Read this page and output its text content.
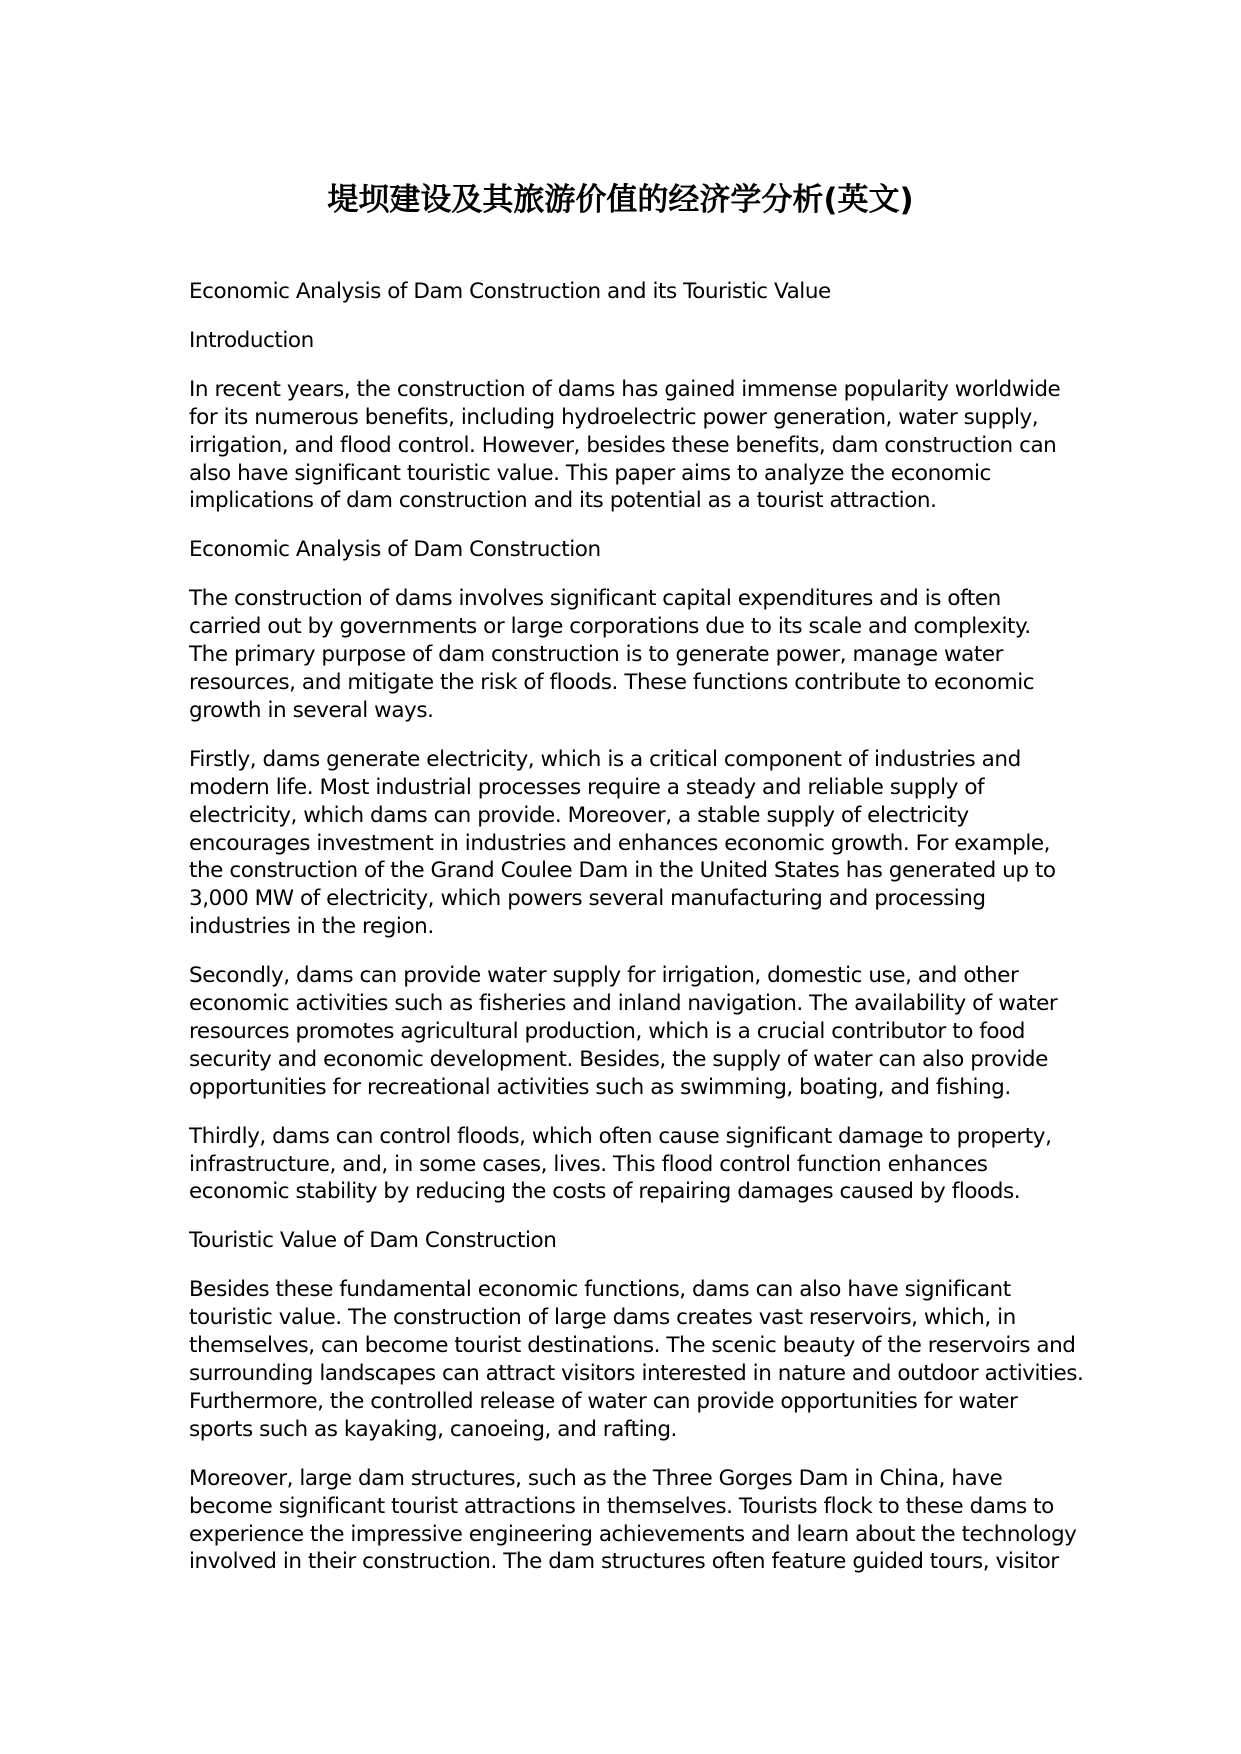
堤坝建设及其旅游价值的经济学分析(英文)

Economic Analysis of Dam Construction and its Touristic Value

Introduction

In recent years, the construction of dams has gained immense popularity worldwide
for its numerous benefits, including hydroelectric power generation, water supply,
irrigation, and flood control. However, besides these benefits, dam construction can
also have significant touristic value. This paper aims to analyze the economic
implications of dam construction and its potential as a tourist attraction.

Economic Analysis of Dam Construction

The construction of dams involves significant capital expenditures and is often
carried out by governments or large corporations due to its scale and complexity.
The primary purpose of dam construction is to generate power, manage water
resources, and mitigate the risk of floods. These functions contribute to economic
growth in several ways.

Firstly, dams generate electricity, which is a critical component of industries and
modern life. Most industrial processes require a steady and reliable supply of
electricity, which dams can provide. Moreover, a stable supply of electricity
encourages investment in industries and enhances economic growth. For example,
the construction of the Grand Coulee Dam in the United States has generated up to
3,000 MW of electricity, which powers several manufacturing and processing
industries in the region.

Secondly, dams can provide water supply for irrigation, domestic use, and other
economic activities such as fisheries and inland navigation. The availability of water
resources promotes agricultural production, which is a crucial contributor to food
security and economic development. Besides, the supply of water can also provide
opportunities for recreational activities such as swimming, boating, and fishing.

Thirdly, dams can control floods, which often cause significant damage to property,
infrastructure, and, in some cases, lives. This flood control function enhances
economic stability by reducing the costs of repairing damages caused by floods.

Touristic Value of Dam Construction

Besides these fundamental economic functions, dams can also have significant
touristic value. The construction of large dams creates vast reservoirs, which, in
themselves, can become tourist destinations. The scenic beauty of the reservoirs and
surrounding landscapes can attract visitors interested in nature and outdoor activities.
Furthermore, the controlled release of water can provide opportunities for water
sports such as kayaking, canoeing, and rafting.

Moreover, large dam structures, such as the Three Gorges Dam in China, have
become significant tourist attractions in themselves. Tourists flock to these dams to
experience the impressive engineering achievements and learn about the technology
involved in their construction. The dam structures often feature guided tours, visitor
